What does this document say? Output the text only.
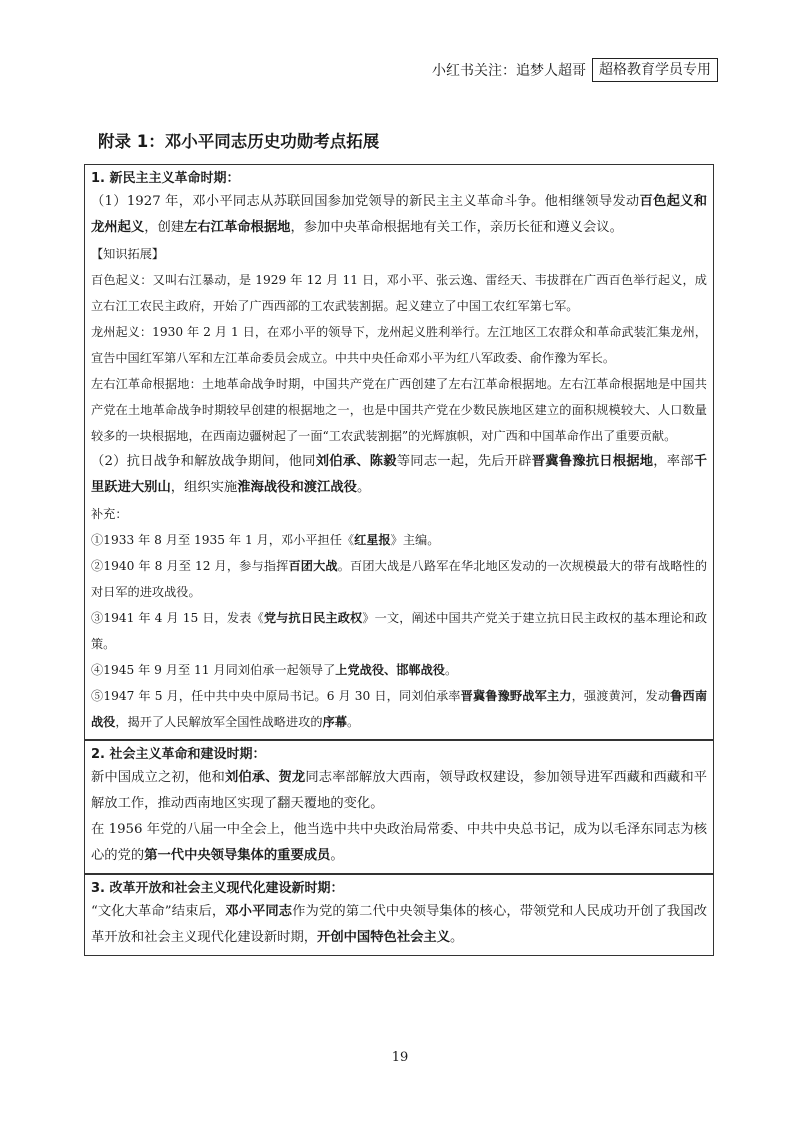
小红书关注：追梦人超哥 超格教育学员专用
附录 1：邓小平同志历史功勋考点拓展
1. 新民主主义革命时期：

（1）1927 年，邓小平同志从苏联回国参加党领导的新民主主义革命斗争。他相继领导发动百色起义和龙州起义，创建左右江革命根据地，参加中央革命根据地有关工作，亲历长征和遵义会议。

【知识拓展】

百色起义：又叫右江暴动，是 1929 年 12 月 11 日，邓小平、张云逸、雷经天、韦拔群在广西百色举行起义，成立右江工农民主政府，开始了广西西部的工农武装割据。起义建立了中国工农红军第七军。

龙州起义：1930 年 2 月 1 日，在邓小平的领导下，龙州起义胜利举行。左江地区工农群众和革命武装汇集龙州，宣告中国红军第八军和左江革命委员会成立。中共中央任命邓小平为红八军政委、俞作豫为军长。

左右江革命根据地：土地革命战争时期，中国共产党在广西创建了左右江革命根据地。左右江革命根据地是中国共产党在土地革命战争时期较早创建的根据地之一，也是中国共产党在少数民族地区建立的面积规模较大、人口数量较多的一块根据地，在西南边疆树起了一面“工农武装割据”的光辉旗帜，对广西和中国革命作出了重要贡献。

（2）抗日战争和解放战争期间，他同刘伯承、陈毅等同志一起，先后开辟晋冀鲁豫抗日根据地，率部千里跃进大别山，组织实施淮海战役和渡江战役。

补充：

①1933 年 8 月至 1935 年 1 月，邓小平担任《红星报》主编。

②1940 年 8 月至 12 月，参与指挥百团大战。百团大战是八路军在华北地区发动的一次规模最大的带有战略性的对日军的进攻战役。

③1941 年 4 月 15 日，发表《党与抗日民主政权》一文，阐述中国共产党关于建立抗日民主政权的基本理论和政策。

④1945 年 9 月至 11 月同刘伯承一起领导了上党战役、邯郸战役。

⑤1947 年 5 月，任中共中央中原局书记。6 月 30 日，同刘伯承率晋冀鲁豫野战军主力，强渡黄河，发动鲁西南战役，揭开了人民解放军全国性战略进攻的序幕。

2. 社会主义革命和建设时期：

新中国成立之初，他和刘伯承、贺龙同志率部解放大西南，领导政权建设，参加领导进军西藏和西藏和平解放工作，推动西南地区实现了翻天覆地的变化。

在 1956 年党的八届一中全会上，他当选中共中央政治局常委、中共中央总书记，成为以毛泽东同志为核心的党的第一代中央领导集体的重要成员。

3. 改革开放和社会主义现代化建设新时期：

“文化大革命”结束后，邓小平同志作为党的第二代中央领导集体的核心，带领党和人民成功开创了我国改革开放和社会主义现代化建设新时期，开创中国特色社会主义。

19
